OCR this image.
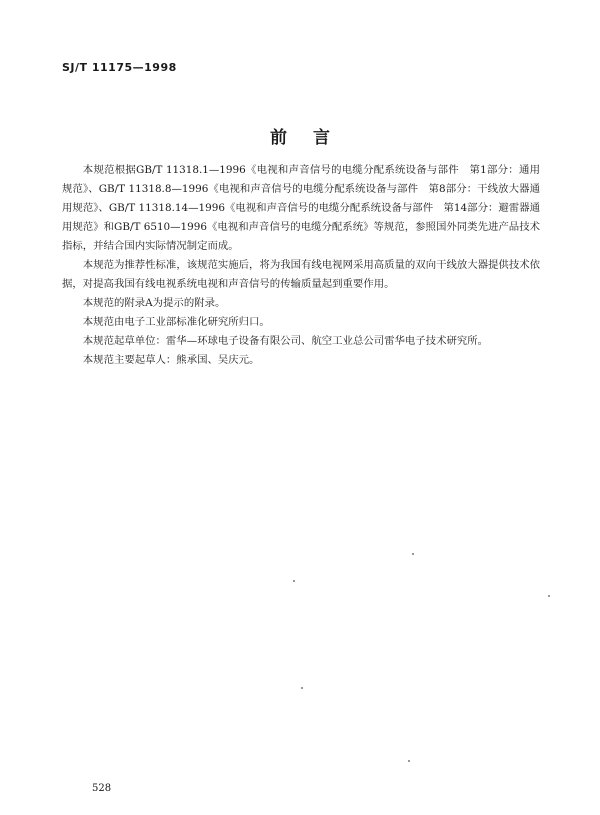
SJ/T 11175—1998
前言

本规范根据GB/T 11318.1—1996《电视和声音信号的电缆分配系统设备与部件　第1部分：通用规范》、GB/T 11318.8—1996《电视和声音信号的电缆分配系统设备与部件　第8部分：干线放大器通用规范》、GB/T 11318.14—1996《电视和声音信号的电缆分配系统设备与部件　第14部分：避雷器通用规范》和GB/T 6510—1996《电视和声音信号的电缆分配系统》等规范，参照国外同类先进产品技术指标，并结合国内实际情况制定而成。

本规范为推荐性标准，该规范实施后，将为我国有线电视网采用高质量的双向干线放大器提供技术依据，对提高我国有线电视系统电视和声音信号的传输质量起到重要作用。

本规范的附录A为提示的附录。

本规范由电子工业部标准化研究所归口。

本规范起草单位：雷华—环球电子设备有限公司、航空工业总公司雷华电子技术研究所。

本规范主要起草人：熊承国、吴庆元。

528
